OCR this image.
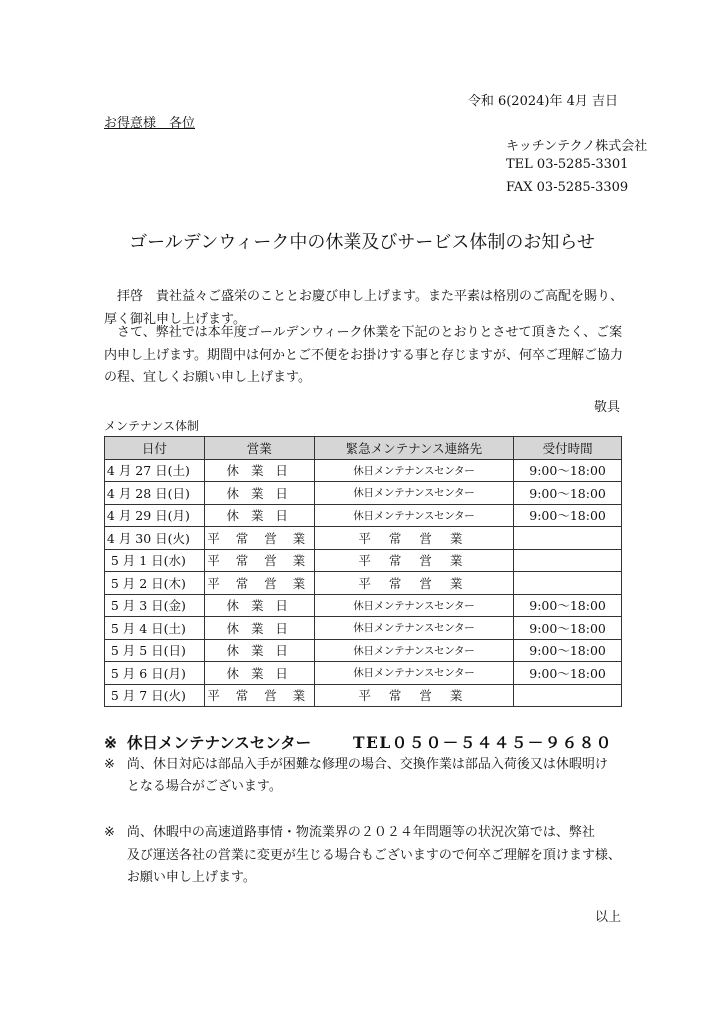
令和 6(2024)年 4月 吉日
お得意様　各位
キッチンテクノ株式会社
TEL 03-5285-3301
FAX 03-5285-3309
ゴールデンウィーク中の休業及びサービス体制のお知らせ
拝啓　貴社益々ご盛栄のこととお慶び申し上げます。また平素は格別のご高配を賜り、厚く御礼申し上げます。
さて、弊社では本年度ゴールデンウィーク休業を下記のとおりとさせて頂きたく、ご案内申し上げます。期間中は何かとご不便をお掛けする事と存じますが、何卒ご理解ご協力の程、宜しくお願い申し上げます。
敬具
メンテナンス体制
日付	営業	緊急メンテナンス連絡先	受付時間
4 月 27 日(土)	休 業 日	休日メンテナンスセンター	9:00～18:00
4 月 28 日(日)	休 業 日	休日メンテナンスセンター	9:00～18:00
4 月 29 日(月)	休 業 日	休日メンテナンスセンター	9:00～18:00
4 月 30 日(火)	平 常 営 業	平 常 営 業	
5 月 1 日(水)	平 常 営 業	平 常 営 業	
5 月 2 日(木)	平 常 営 業	平 常 営 業	
5 月 3 日(金)	休 業 日	休日メンテナンスセンター	9:00～18:00
5 月 4 日(土)	休 業 日	休日メンテナンスセンター	9:00～18:00
5 月 5 日(日)	休 業 日	休日メンテナンスセンター	9:00～18:00
5 月 6 日(月)	休 業 日	休日メンテナンスセンター	9:00～18:00
5 月 7 日(火)	平 常 営 業	平 常 営 業	
※ 休日メンテナンスセンター	TEL０５０－５４４５－９６８０
※ 尚、休日対応は部品入手が困難な修理の場合、交換作業は部品入荷後又は休暇明け
となる場合がございます。
※ 尚、休暇中の高速道路事情・物流業界の２０２４年問題等の状況次第では、弊社
及び運送各社の営業に変更が生じる場合もございますので何卒ご理解を頂けます様、
お願い申し上げます。
以上
